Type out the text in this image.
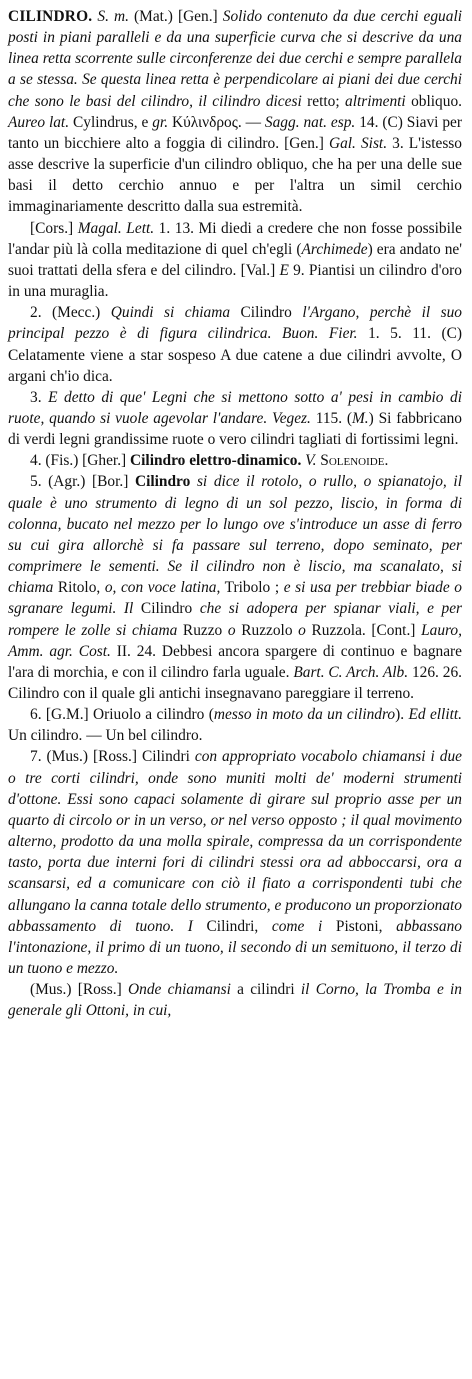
CILINDRO. S. m. (Mat.) [Gen.] Solido contenuto da due cerchi eguali posti in piani paralleli e da una superficie curva che si descrive da una linea retta scorrente sulle circonferenze dei due cerchi e sempre parallela a se stessa. Se questa linea retta è perpendicolare ai piani dei due cerchi che sono le basi del cilindro, il cilindro dicesi retto; altrimenti obliquo. Aureo lat. Cylindrus, e gr. Κύλινδρος. — Sagg. nat. esp. 14. (C) Siavi per tanto un bicchiere alto a foggia di cilindro. [Gen.] Gal. Sist. 3. L'istesso asse descrive la superficie d'un cilindro obliquo, che ha per una delle sue basi il detto cerchio annuo e per l'altra un simil cerchio immaginariamente descritto dalla sua estremità.

[Cors.] Magal. Lett. 1. 13. Mi diedi a credere che non fosse possibile l'andar più là colla meditazione di quel ch'egli (Archimede) era andato ne' suoi trattati della sfera e del cilindro. [Val.] E 9. Piantisi un cilindro d'oro in una muraglia.

2. (Mecc.) Quindi si chiama Cilindro l'Argano, perchè il suo principal pezzo è di figura cilindrica. Buon. Fier. 1. 5. 11. (C) Celatamente viene a star sospeso A due catene a due cilindri avvolte, O argani ch'io dica.

3. E detto di que' Legni che si mettono sotto a' pesi in cambio di ruote, quando si vuole agevolar l'andare. Vegez. 115. (M.) Si fabbricano di verdi legni grandissime ruote o vero cilindri tagliati di fortissimi legni.

4. (Fis.) [Gher.] Cilindro elettro-dinamico. V. Solenoide.

5. (Agr.) [Bor.] Cilindro si dice il rotolo, o rullo, o spianatojo, il quale è uno strumento di legno di un sol pezzo, liscio, in forma di colonna, bucato nel mezzo per lo lungo ove s'introduce un asse di ferro su cui gira allorchè si fa passare sul terreno, dopo seminato, per comprimere le sementi. Se il cilindro non è liscio, ma scanalato, si chiama Ritolo, o, con voce latina, Tribolo ; e si usa per trebbiar biade o sgranare legumi. Il Cilindro che si adopera per spianar viali, e per rompere le zolle si chiama Ruzzo o Ruzzolo o Ruzzola. [Cont.] Lauro, Amm. agr. Cost. II. 24. Debbesi ancora spargere di continuo e bagnare l'ara di morchia, e con il cilindro farla uguale. Bart. C. Arch. Alb. 126. 26. Cilindro con il quale gli antichi insegnavano pareggiare il terreno.

6. [G.M.] Oriuolo a cilindro (messo in moto da un cilindro). Ed ellitt. Un cilindro. — Un bel cilindro.

7. (Mus.) [Ross.] Cilindri con appropriato vocabolo chiamansi i due o tre corti cilindri, onde sono muniti molti de' moderni strumenti d'ottone. Essi sono capaci solamente di girare sul proprio asse per un quarto di circolo or in un verso, or nel verso opposto ; il qual movimento alterno, prodotto da una molla spirale, compressa da un corrispondente tasto, porta due interni fori di cilindri stessi ora ad abboccarsi, ora a scansarsi, ed a comunicare con ciò il fiato a corrispondenti tubi che allungano la canna totale dello strumento, e producono un proporzionato abbassamento di tuono. I Cilindri, come i Pistoni, abbassano l'intonazione, il primo di un tuono, il secondo di un semituono, il terzo di un tuono e mezzo.

(Mus.) [Ross.] Onde chiamansi a cilindri il Corno, la Tromba e in generale gli Ottoni, in cui,
